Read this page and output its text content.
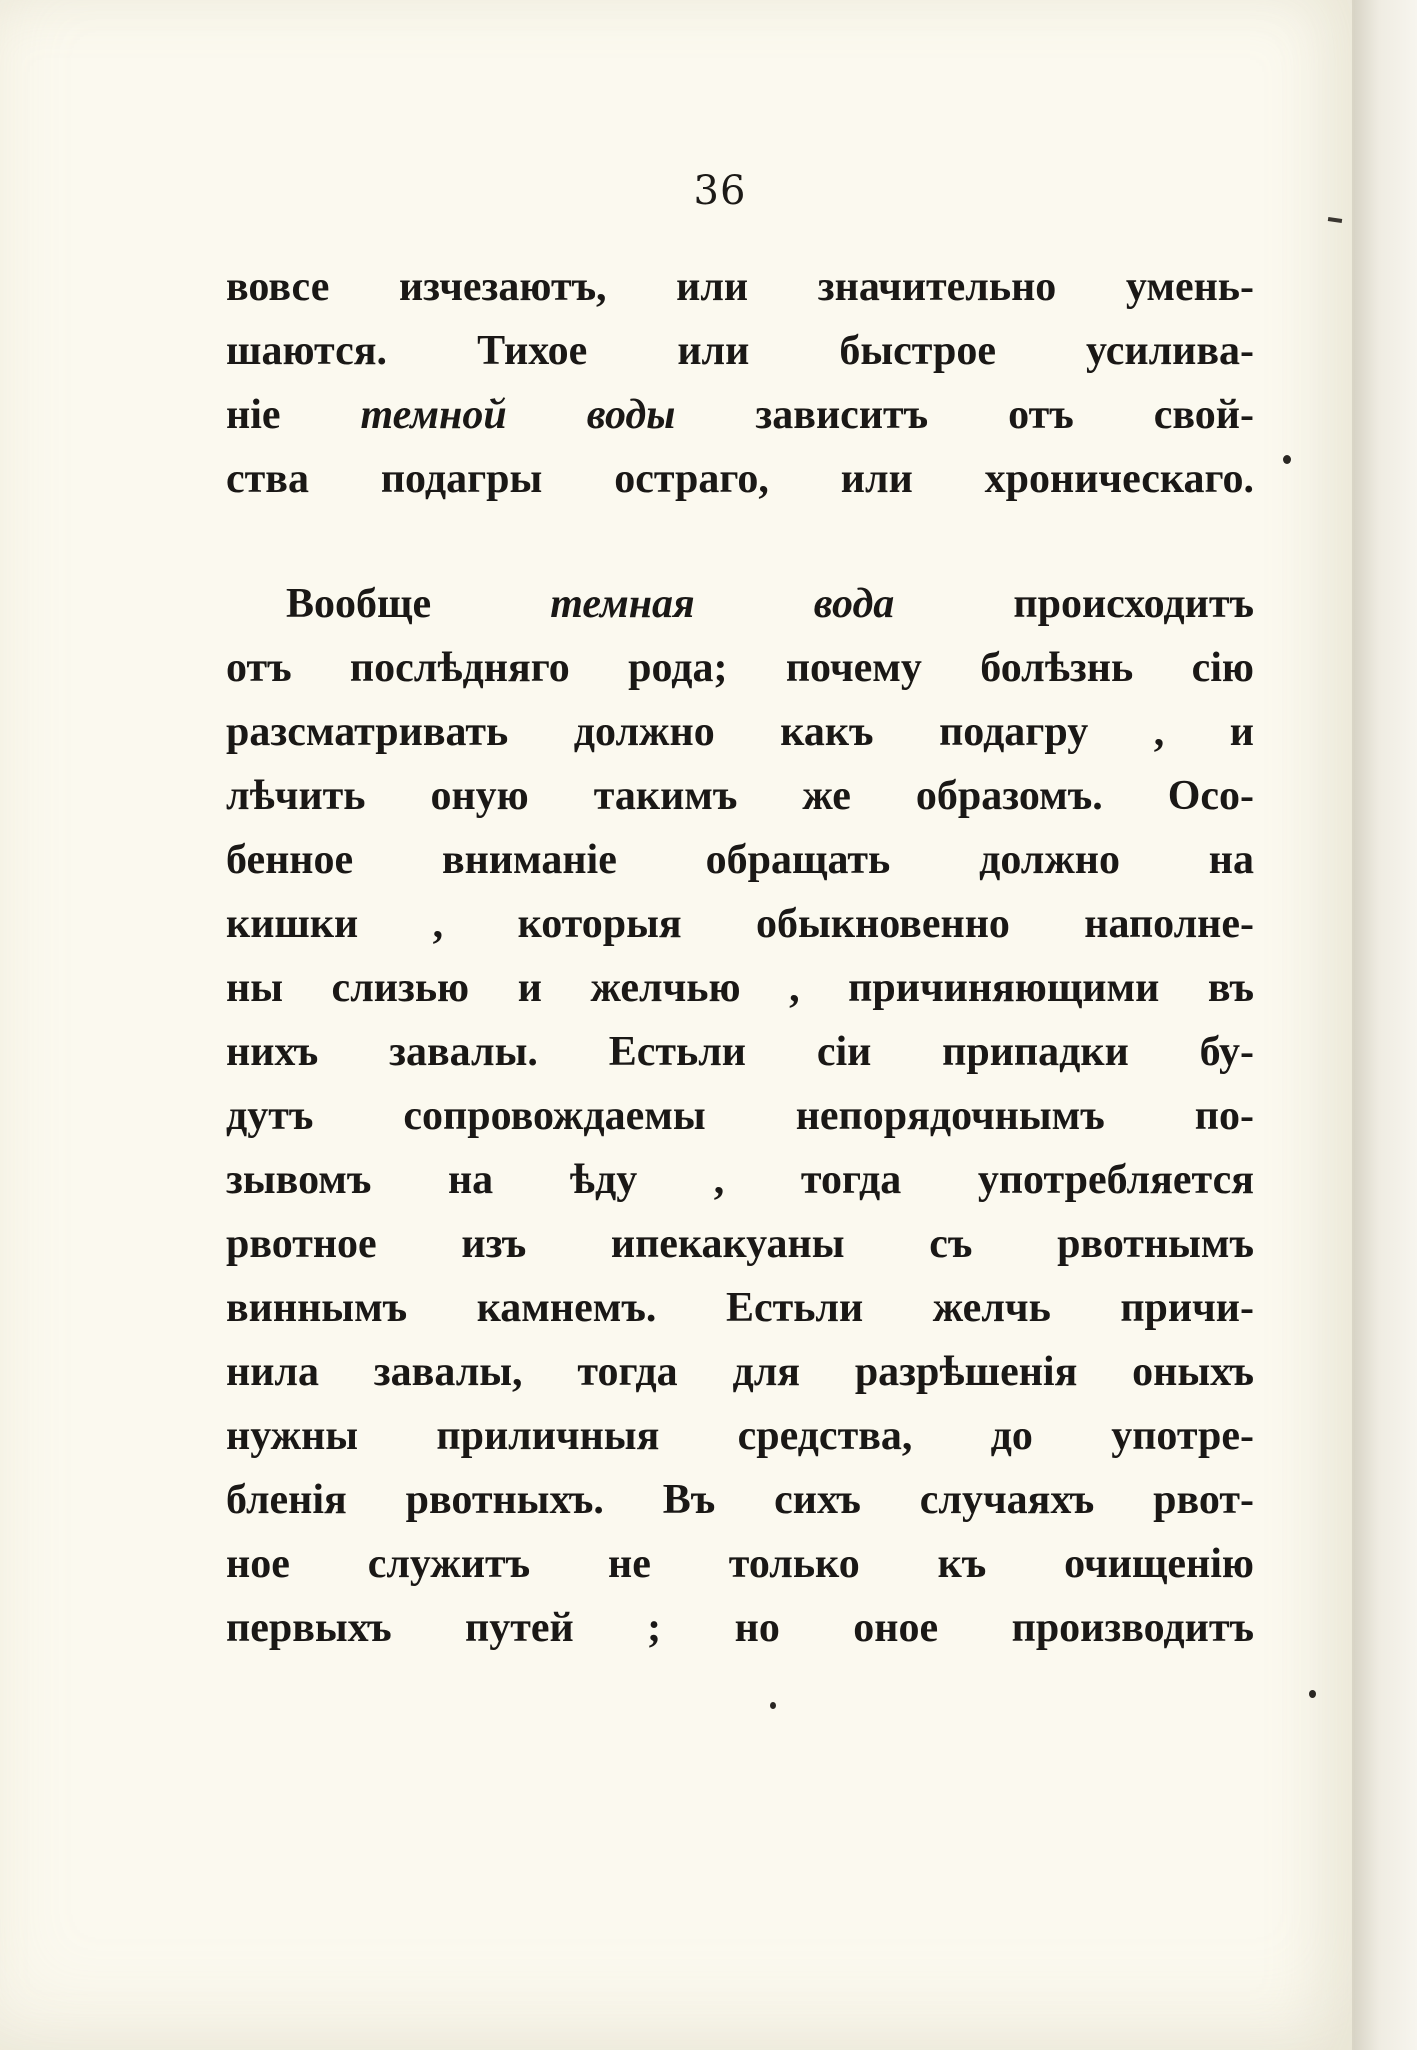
36
вовсе изчезаютъ, или значительно умень-
шаются. Тихое или быстрое усилива-
ніе темной воды зависитъ отъ свой-
ства подагры остраго, или хроническаго.
Вообще темная вода происходитъ
отъ послѣдняго рода; почему болѣзнь сію
разсматривать должно какъ подагру , и
лѣчить оную такимъ же образомъ. Осо-
бенное вниманіе обращать должно на
кишки , которыя обыкновенно наполне-
ны слизью и желчью , причиняющими въ
нихъ завалы. Естьли сіи припадки бу-
дутъ сопровождаемы непорядочнымъ по-
зывомъ на ѣду , тогда употребляется
рвотное изъ ипекакуаны съ рвотнымъ
виннымъ камнемъ. Естьли желчь причи-
нила завалы, тогда для разрѣшенія оныхъ
нужны приличныя средства, до употре-
бленія рвотныхъ. Въ сихъ случаяхъ рвот-
ное служитъ не только къ очищенію
первыхъ путей ; но оное производитъ
